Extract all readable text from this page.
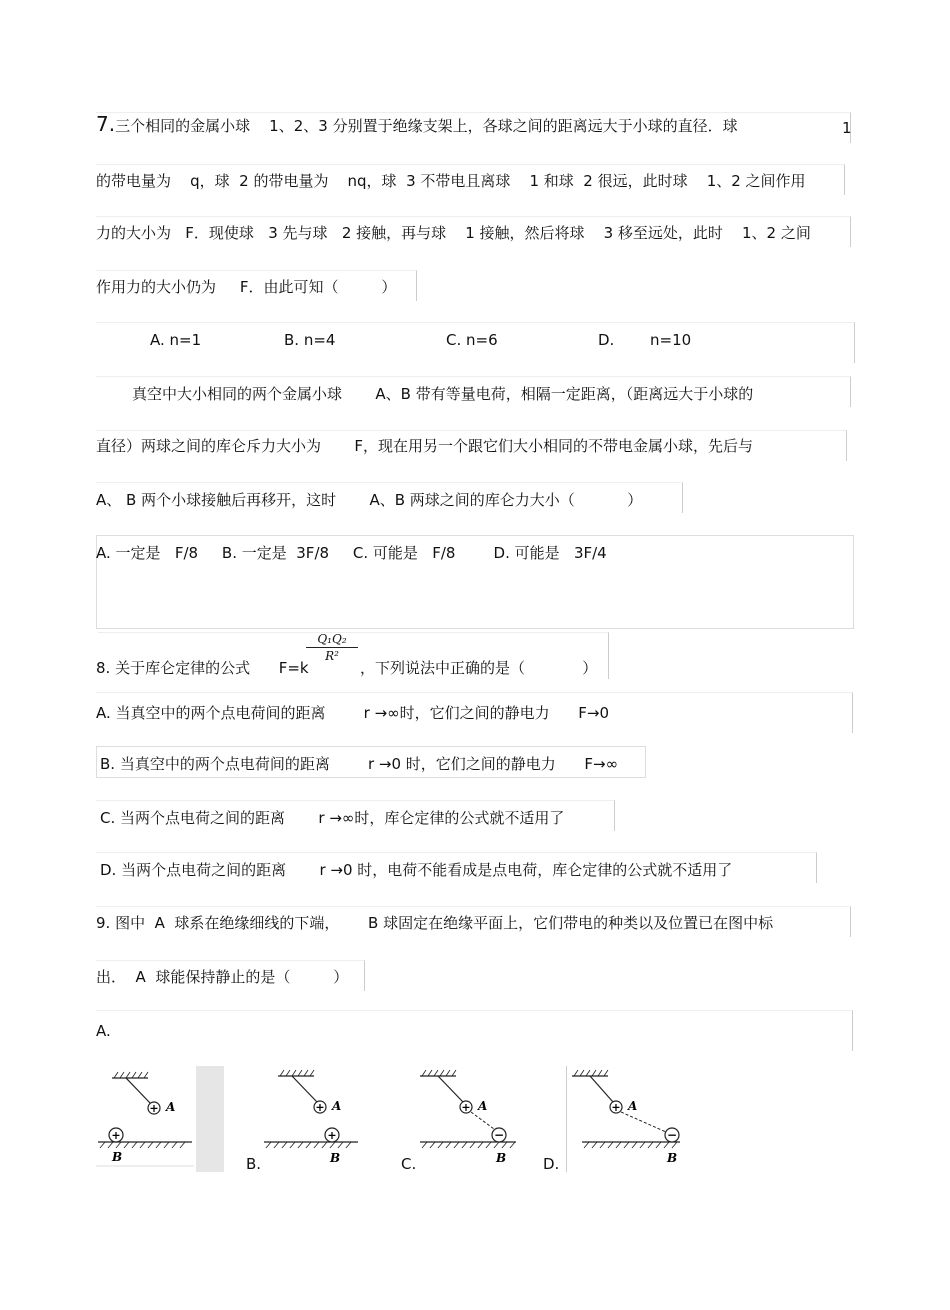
7.三个相同的金属小球    1、2、3 分别置于绝缘支架上，各球之间的距离远大于小球的直径．球	1
的带电量为    q，球  2 的带电量为    nq，球  3 不带电且离球    1 和球  2 很远，此时球    1、2 之间作用
力的大小为   F．现使球   3 先与球   2 接触，再与球    1 接触，然后将球    3 移至远处，此时    1、2 之间
作用力的大小仍为     F．由此可知（         ）
A. n=1	B. n=4	C. n=6	D. n=10
真空中大小相同的两个金属小球       A、B 带有等量电荷，相隔一定距离，（距离远大于小球的
直径）两球之间的库仑斥力大小为       F，现在用另一个跟它们大小相同的不带电金属小球，先后与
A、 B 两个小球接触后再移开，这时       A、B 两球之间的库仑力大小（           ）
A. 一定是   F/8     B. 一定是  3F/8     C. 可能是   F/8        D. 可能是   3F/4
8. 关于库仑定律的公式      F=k
Q₁Q₂
R²
，下列说法中正确的是（            ）
A. 当真空中的两个点电荷间的距离        r →∞时，它们之间的静电力      F→0
B. 当真空中的两个点电荷间的距离        r →0 时，它们之间的静电力      F→∞
C. 当两个点电荷之间的距离       r →∞时，库仑定律的公式就不适用了
D. 当两个点电荷之间的距离       r →0 时，电荷不能看成是点电荷，库仑定律的公式就不适用了
9. 图中  A  球系在绝缘细线的下端，      B 球固定在绝缘平面上，它们带电的种类以及位置已在图中标
出．  A  球能保持静止的是（         ）
A.
+ A
+
B	B.
+ A
+
B	C.
+ A
−
B D.
+ A
−
B
